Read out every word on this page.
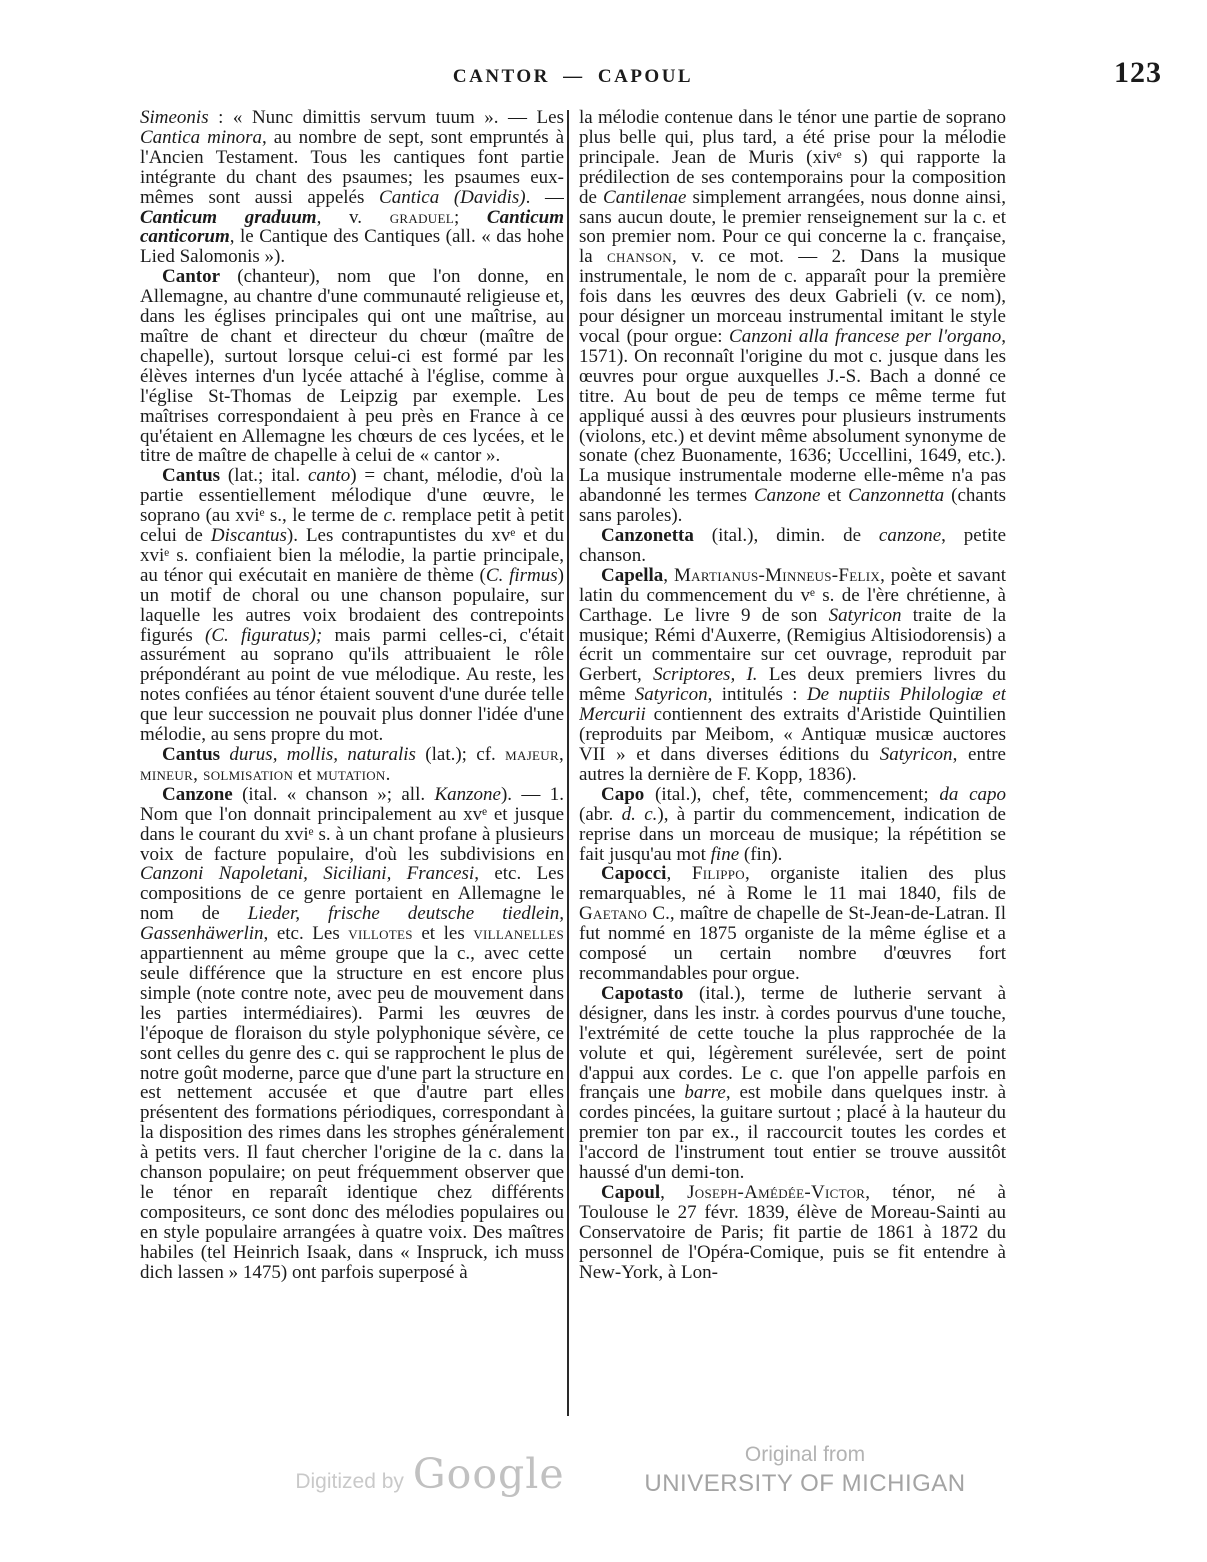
CANTOR — CAPOUL	123

Simeonis : « Nunc dimittis servum tuum ». — Les Cantica minora, au nombre de sept, sont empruntés à l'Ancien Testament. Tous les cantiques font partie intégrante du chant des psaumes; les psaumes eux-mêmes sont aussi appelés Cantica (Davidis). — Canticum graduum, v. graduel; Canticum canticorum, le Cantique des Cantiques (all. « das hohe Lied Salomonis »).

Cantor (chanteur), nom que l'on donne, en Allemagne, au chantre d'une communauté religieuse et, dans les églises principales qui ont une maîtrise, au maître de chant et directeur du chœur (maître de chapelle), surtout lorsque celui-ci est formé par les élèves internes d'un lycée attaché à l'église, comme à l'église St-Thomas de Leipzig par exemple. Les maîtrises correspondaient à peu près en France à ce qu'étaient en Allemagne les chœurs de ces lycées, et le titre de maître de chapelle à celui de « cantor ».

Cantus (lat.; ital. canto) = chant, mélodie, d'où la partie essentiellement mélodique d'une œuvre, le soprano (au xviᵉ s., le terme de c. remplace petit à petit celui de Discantus). Les contrapuntistes du xvᵉ et du xviᵉ s. confiaient bien la mélodie, la partie principale, au ténor qui exécutait en manière de thème (C. firmus) un motif de choral ou une chanson populaire, sur laquelle les autres voix brodaient des contrepoints figurés (C. figuratus); mais parmi celles-ci, c'était assurément au soprano qu'ils attribuaient le rôle prépondérant au point de vue mélodique. Au reste, les notes confiées au ténor étaient souvent d'une durée telle que leur succession ne pouvait plus donner l'idée d'une mélodie, au sens propre du mot.

Cantus durus, mollis, naturalis (lat.); cf. majeur, mineur, solmisation et mutation.

Canzone (ital. « chanson »; all. Kanzone). — 1. Nom que l'on donnait principalement au xvᵉ et jusque dans le courant du xviᵉ s. à un chant profane à plusieurs voix de facture populaire, d'où les subdivisions en Canzoni Napoletani, Siciliani, Francesi, etc. Les compositions de ce genre portaient en Allemagne le nom de Lieder, frische deutsche tiedlein, Gassenhäwerlin, etc. Les villotes et les villanelles appartiennent au même groupe que la c., avec cette seule différence que la structure en est encore plus simple (note contre note, avec peu de mouvement dans les parties intermédiaires). Parmi les œuvres de l'époque de floraison du style polyphonique sévère, ce sont celles du genre des c. qui se rapprochent le plus de notre goût moderne, parce que d'une part la structure en est nettement accusée et que d'autre part elles présentent des formations périodiques, correspondant à la disposition des rimes dans les strophes généralement à petits vers. Il faut chercher l'origine de la c. dans la chanson populaire; on peut fréquemment observer que le ténor en reparaît identique chez différents compositeurs, ce sont donc des mélodies populaires ou en style populaire arrangées à quatre voix. Des maîtres habiles (tel Heinrich Isaak, dans « Inspruck, ich muss dich lassen » 1475) ont parfois superposé à

la mélodie contenue dans le ténor une partie de soprano plus belle qui, plus tard, a été prise pour la mélodie principale. Jean de Muris (xivᵉ s) qui rapporte la prédilection de ses contemporains pour la composition de Cantilenae simplement arrangées, nous donne ainsi, sans aucun doute, le premier renseignement sur la c. et son premier nom. Pour ce qui concerne la c. française, la chanson, v. ce mot. — 2. Dans la musique instrumentale, le nom de c. apparaît pour la première fois dans les œuvres des deux Gabrieli (v. ce nom), pour désigner un morceau instrumental imitant le style vocal (pour orgue: Canzoni alla francese per l'organo, 1571). On reconnaît l'origine du mot c. jusque dans les œuvres pour orgue auxquelles J.-S. Bach a donné ce titre. Au bout de peu de temps ce même terme fut appliqué aussi à des œuvres pour plusieurs instruments (violons, etc.) et devint même absolument synonyme de sonate (chez Buonamente, 1636; Uccellini, 1649, etc.). La musique instrumentale moderne elle-même n'a pas abandonné les termes Canzone et Canzonnetta (chants sans paroles).

Canzonetta (ital.), dimin. de canzone, petite chanson.

Capella, Martianus-Minneus-Felix, poète et savant latin du commencement du vᵉ s. de l'ère chrétienne, à Carthage. Le livre 9 de son Satyricon traite de la musique; Rémi d'Auxerre, (Remigius Altisiodorensis) a écrit un commentaire sur cet ouvrage, reproduit par Gerbert, Scriptores, I. Les deux premiers livres du même Satyricon, intitulés : De nuptiis Philologiæ et Mercurii contiennent des extraits d'Aristide Quintilien (reproduits par Meibom, « Antiquæ musicæ auctores VII » et dans diverses éditions du Satyricon, entre autres la dernière de F. Kopp, 1836).

Capo (ital.), chef, tête, commencement; da capo (abr. d. c.), à partir du commencement, indication de reprise dans un morceau de musique; la répétition se fait jusqu'au mot fine (fin).

Capocci, Filippo, organiste italien des plus remarquables, né à Rome le 11 mai 1840, fils de Gaetano C., maître de chapelle de St-Jean-de-Latran. Il fut nommé en 1875 organiste de la même église et a composé un certain nombre d'œuvres fort recommandables pour orgue.

Capotasto (ital.), terme de lutherie servant à désigner, dans les instr. à cordes pourvus d'une touche, l'extrémité de cette touche la plus rapprochée de la volute et qui, légèrement surélevée, sert de point d'appui aux cordes. Le c. que l'on appelle parfois en français une barre, est mobile dans quelques instr. à cordes pincées, la guitare surtout ; placé à la hauteur du premier ton par ex., il raccourcit toutes les cordes et l'accord de l'instrument tout entier se trouve aussitôt haussé d'un demi-ton.

Capoul, Joseph-Amédée-Victor, ténor, né à Toulouse le 27 févr. 1839, élève de Moreau-Sainti au Conservatoire de Paris; fit partie de 1861 à 1872 du personnel de l'Opéra-Comique, puis se fit entendre à New-York, à Lon-

Digitized by Google	Original from
UNIVERSITY OF MICHIGAN
